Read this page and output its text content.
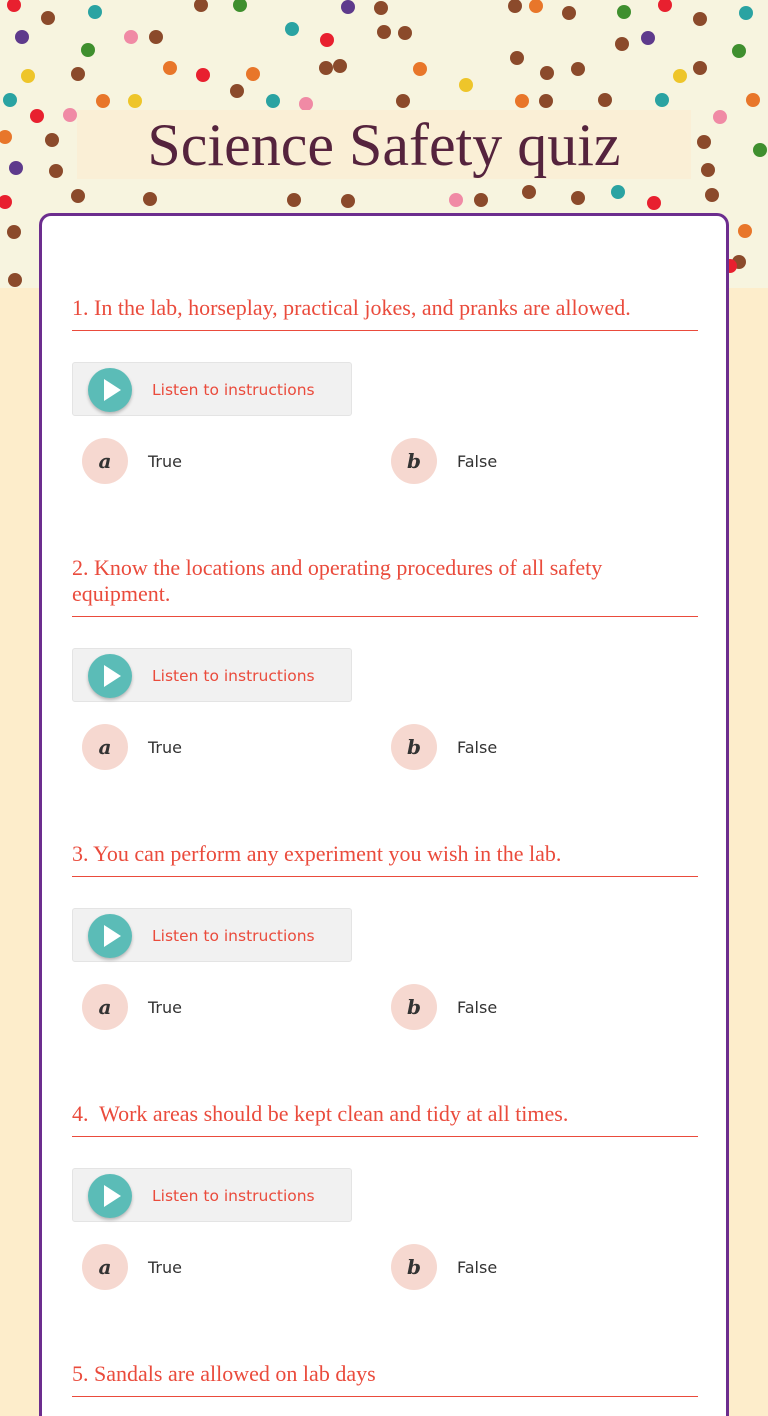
Science Safety quiz
1. In the lab, horseplay, practical jokes, and pranks are allowed.
Listen to instructions
a	True	b	False
2. Know the locations and operating procedures of all safety equipment.
Listen to instructions
a	True	b	False
3. You can perform any experiment you wish in the lab.
Listen to instructions
a	True	b	False
4.  Work areas should be kept clean and tidy at all times.
Listen to instructions
a	True	b	False
5. Sandals are allowed on lab days
